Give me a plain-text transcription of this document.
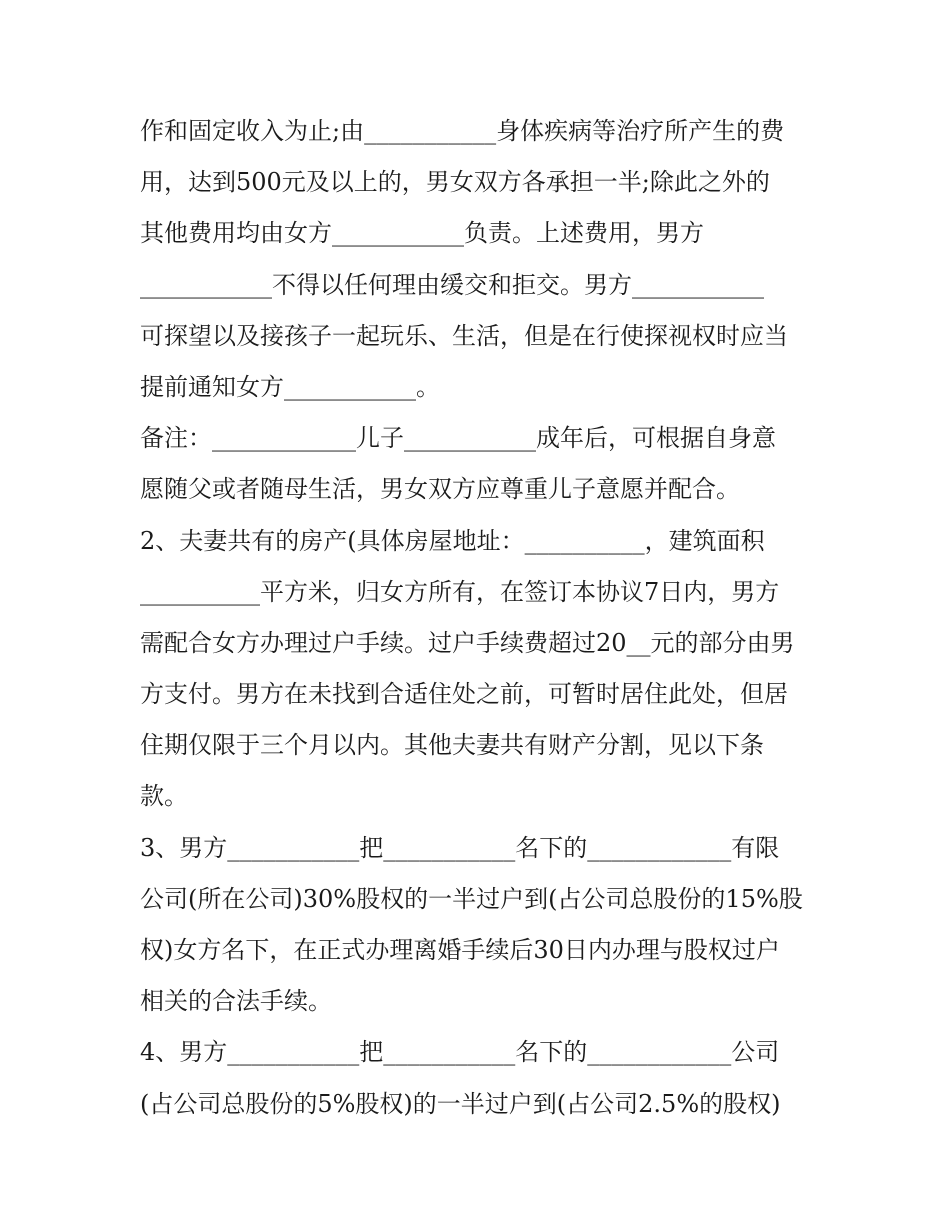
作和固定收入为止;由___________身体疾病等治疗所产生的费
用，达到500元及以上的，男女双方各承担一半;除此之外的
其他费用均由女方___________负责。上述费用，男方
___________不得以任何理由缓交和拒交。男方___________
可探望以及接孩子一起玩乐、生活，但是在行使探视权时应当
提前通知女方___________。
备注：____________儿子___________成年后，可根据自身意
愿随父或者随母生活，男女双方应尊重儿子意愿并配合。
2、夫妻共有的房产(具体房屋地址：__________，建筑面积
__________平方米，归女方所有，在签订本协议7日内，男方
需配合女方办理过户手续。过户手续费超过20__元的部分由男
方支付。男方在未找到合适住处之前，可暂时居住此处，但居
住期仅限于三个月以内。其他夫妻共有财产分割，见以下条
款。
3、男方___________把___________名下的____________有限
公司(所在公司)30%股权的一半过户到(占公司总股份的15%股
权)女方名下，在正式办理离婚手续后30日内办理与股权过户
相关的合法手续。
4、男方___________把___________名下的____________公司
(占公司总股份的5%股权)的一半过户到(占公司2.5%的股权)
